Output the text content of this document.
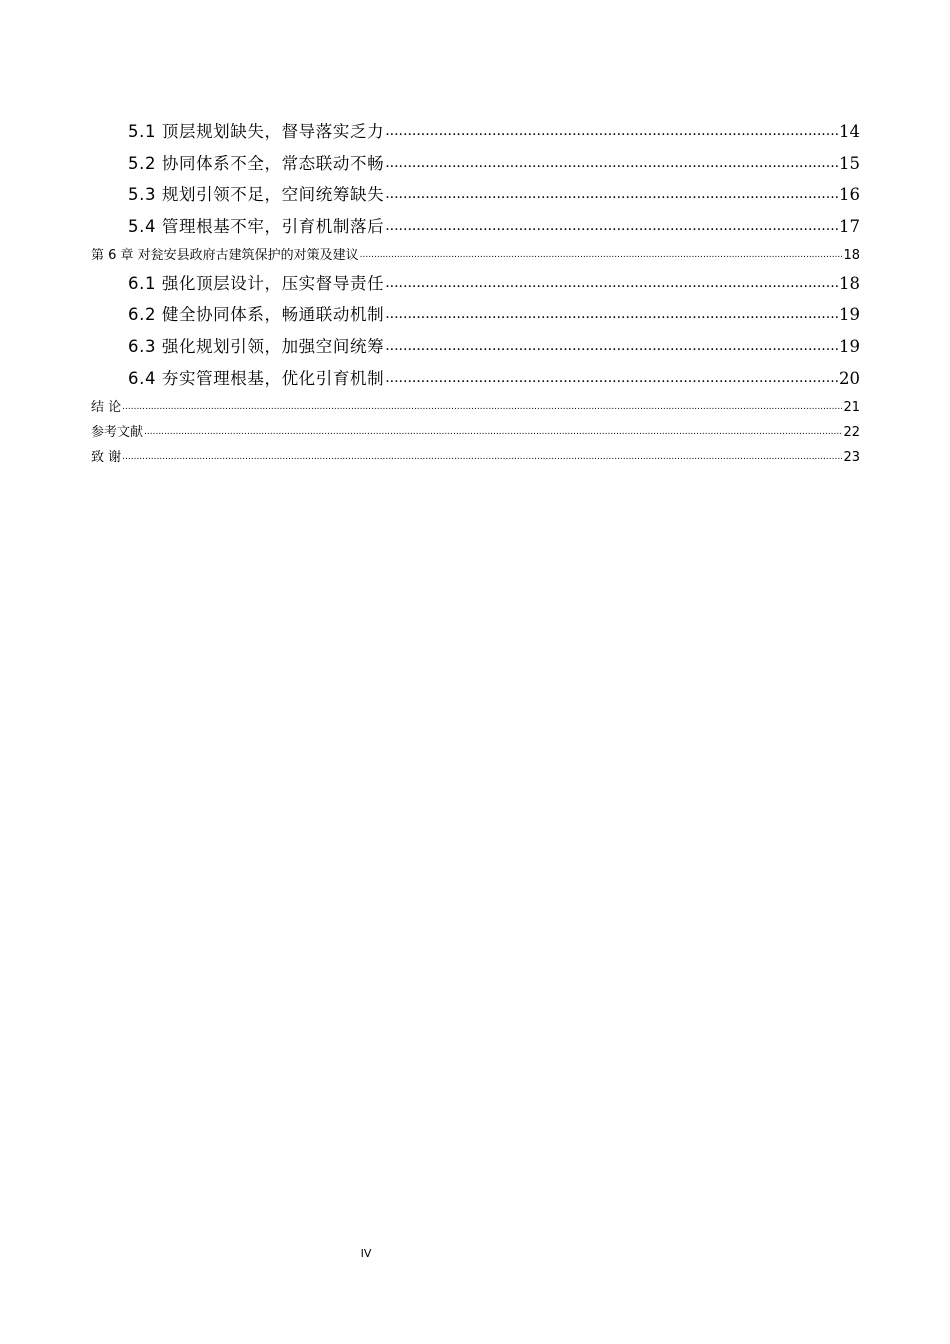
5.1 顶层规划缺失，督导落实乏力 .....	14
5.2 协同体系不全，常态联动不畅 .....	15
5.3 规划引领不足，空间统筹缺失 .....	16
5.4 管理根基不牢，引育机制落后 .....	17
第 6 章 对瓮安县政府古建筑保护的对策及建议 .....	18
6.1 强化顶层设计，压实督导责任 .....	18
6.2 健全协同体系，畅通联动机制 .....	19
6.3 强化规划引领，加强空间统筹 .....	19
6.4 夯实管理根基，优化引育机制 .....	20
结 论 .....	21
参考文献 .....	22
致 谢 .....	23
IV
